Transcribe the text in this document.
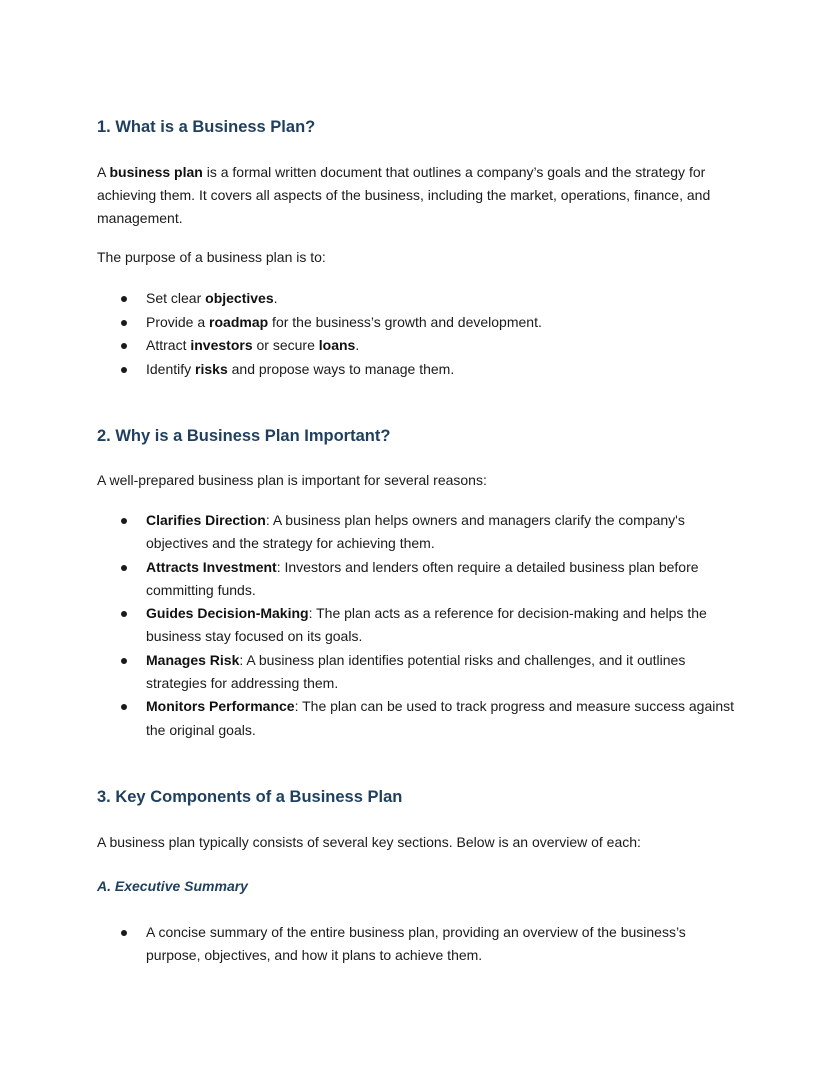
1. What is a Business Plan?

A business plan is a formal written document that outlines a company’s goals and the strategy for achieving them. It covers all aspects of the business, including the market, operations, finance, and management.

The purpose of a business plan is to:

Set clear objectives.
Provide a roadmap for the business’s growth and development.
Attract investors or secure loans.
Identify risks and propose ways to manage them.
2. Why is a Business Plan Important?

A well-prepared business plan is important for several reasons:

Clarifies Direction: A business plan helps owners and managers clarify the company's objectives and the strategy for achieving them.
Attracts Investment: Investors and lenders often require a detailed business plan before committing funds.
Guides Decision-Making: The plan acts as a reference for decision-making and helps the business stay focused on its goals.
Manages Risk: A business plan identifies potential risks and challenges, and it outlines strategies for addressing them.
Monitors Performance: The plan can be used to track progress and measure success against the original goals.
3. Key Components of a Business Plan

A business plan typically consists of several key sections. Below is an overview of each:

A. Executive Summary
A concise summary of the entire business plan, providing an overview of the business’s purpose, objectives, and how it plans to achieve them.
